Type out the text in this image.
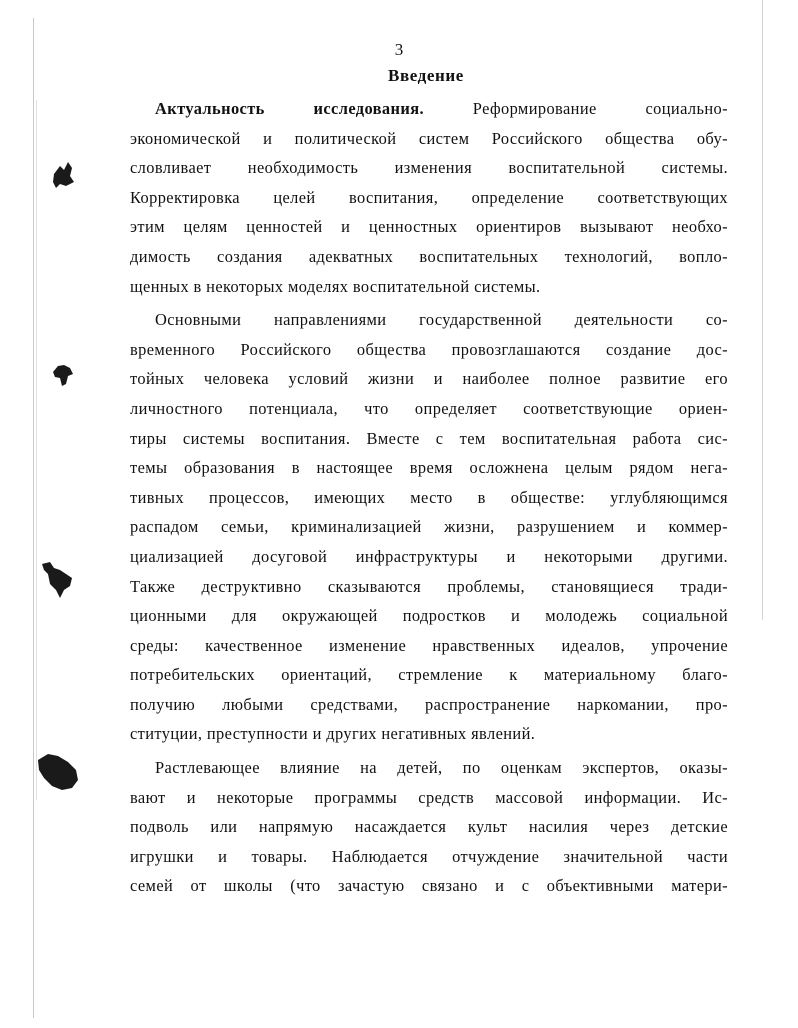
3
Введение
Актуальность исследования. Реформирование социально-
экономической и политической систем Российского общества обу-
словливает необходимость изменения воспитательной системы.
Корректировка целей воспитания, определение соответствующих
этим целям ценностей и ценностных ориентиров вызывают необхо-
димость создания адекватных воспитательных технологий, вопло-
щенных в некоторых моделях воспитательной системы.
Основными направлениями государственной деятельности со-
временного Российского общества провозглашаются создание дос-
тойных человека условий жизни и наиболее полное развитие его
личностного потенциала, что определяет соответствующие ориен-
тиры системы воспитания. Вместе с тем воспитательная работа сис-
темы образования в настоящее время осложнена целым рядом нега-
тивных процессов, имеющих место в обществе: углубляющимся
распадом семьи, криминализацией жизни, разрушением и коммер-
циализацией досуговой инфраструктуры и некоторыми другими.
Также деструктивно сказываются проблемы, становящиеся тради-
ционными для окружающей подростков и молодежь социальной
среды: качественное изменение нравственных идеалов, упрочение
потребительских ориентаций, стремление к материальному благо-
получию любыми средствами, распространение наркомании, про-
ституции, преступности и других негативных явлений.
Растлевающее влияние на детей, по оценкам экспертов, оказы-
вают и некоторые программы средств массовой информации. Ис-
подволь или напрямую насаждается культ насилия через детские
игрушки и товары. Наблюдается отчуждение значительной части
семей от школы (что зачастую связано и с объективными матери-
